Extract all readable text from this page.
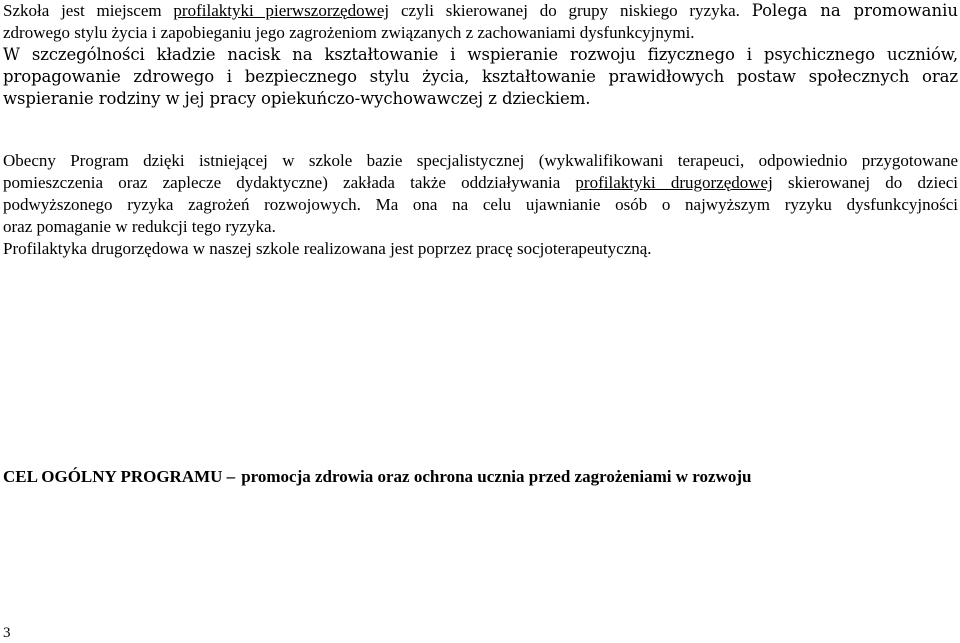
Szkoła jest miejscem profilaktyki pierwszorzędowej czyli skierowanej do grupy niskiego ryzyka. Polega na promowaniu
zdrowego stylu życia i zapobieganiu jego zagrożeniom związanych z zachowaniami dysfunkcyjnymi.
W szczególności kładzie nacisk na kształtowanie i wspieranie rozwoju fizycznego i psychicznego uczniów,
propagowanie zdrowego i bezpiecznego stylu życia, kształtowanie prawidłowych postaw społecznych oraz
wspieranie rodziny w jej pracy opiekuńczo-wychowawczej z dzieckiem.
Obecny Program dzięki istniejącej w szkole bazie specjalistycznej (wykwalifikowani terapeuci, odpowiednio przygotowane
pomieszczenia oraz zaplecze dydaktyczne) zakłada także oddziaływania profilaktyki drugorzędowej skierowanej do dzieci
podwyższonego ryzyka zagrożeń rozwojowych. Ma ona na celu ujawnianie osób o najwyższym ryzyku dysfunkcyjności
oraz pomaganie w redukcji tego ryzyka.
Profilaktyka drugorzędowa w naszej szkole realizowana jest poprzez pracę socjoterapeutyczną.
CEL OGÓLNY PROGRAMU – promocja zdrowia oraz ochrona ucznia przed zagrożeniami w rozwoju
3
